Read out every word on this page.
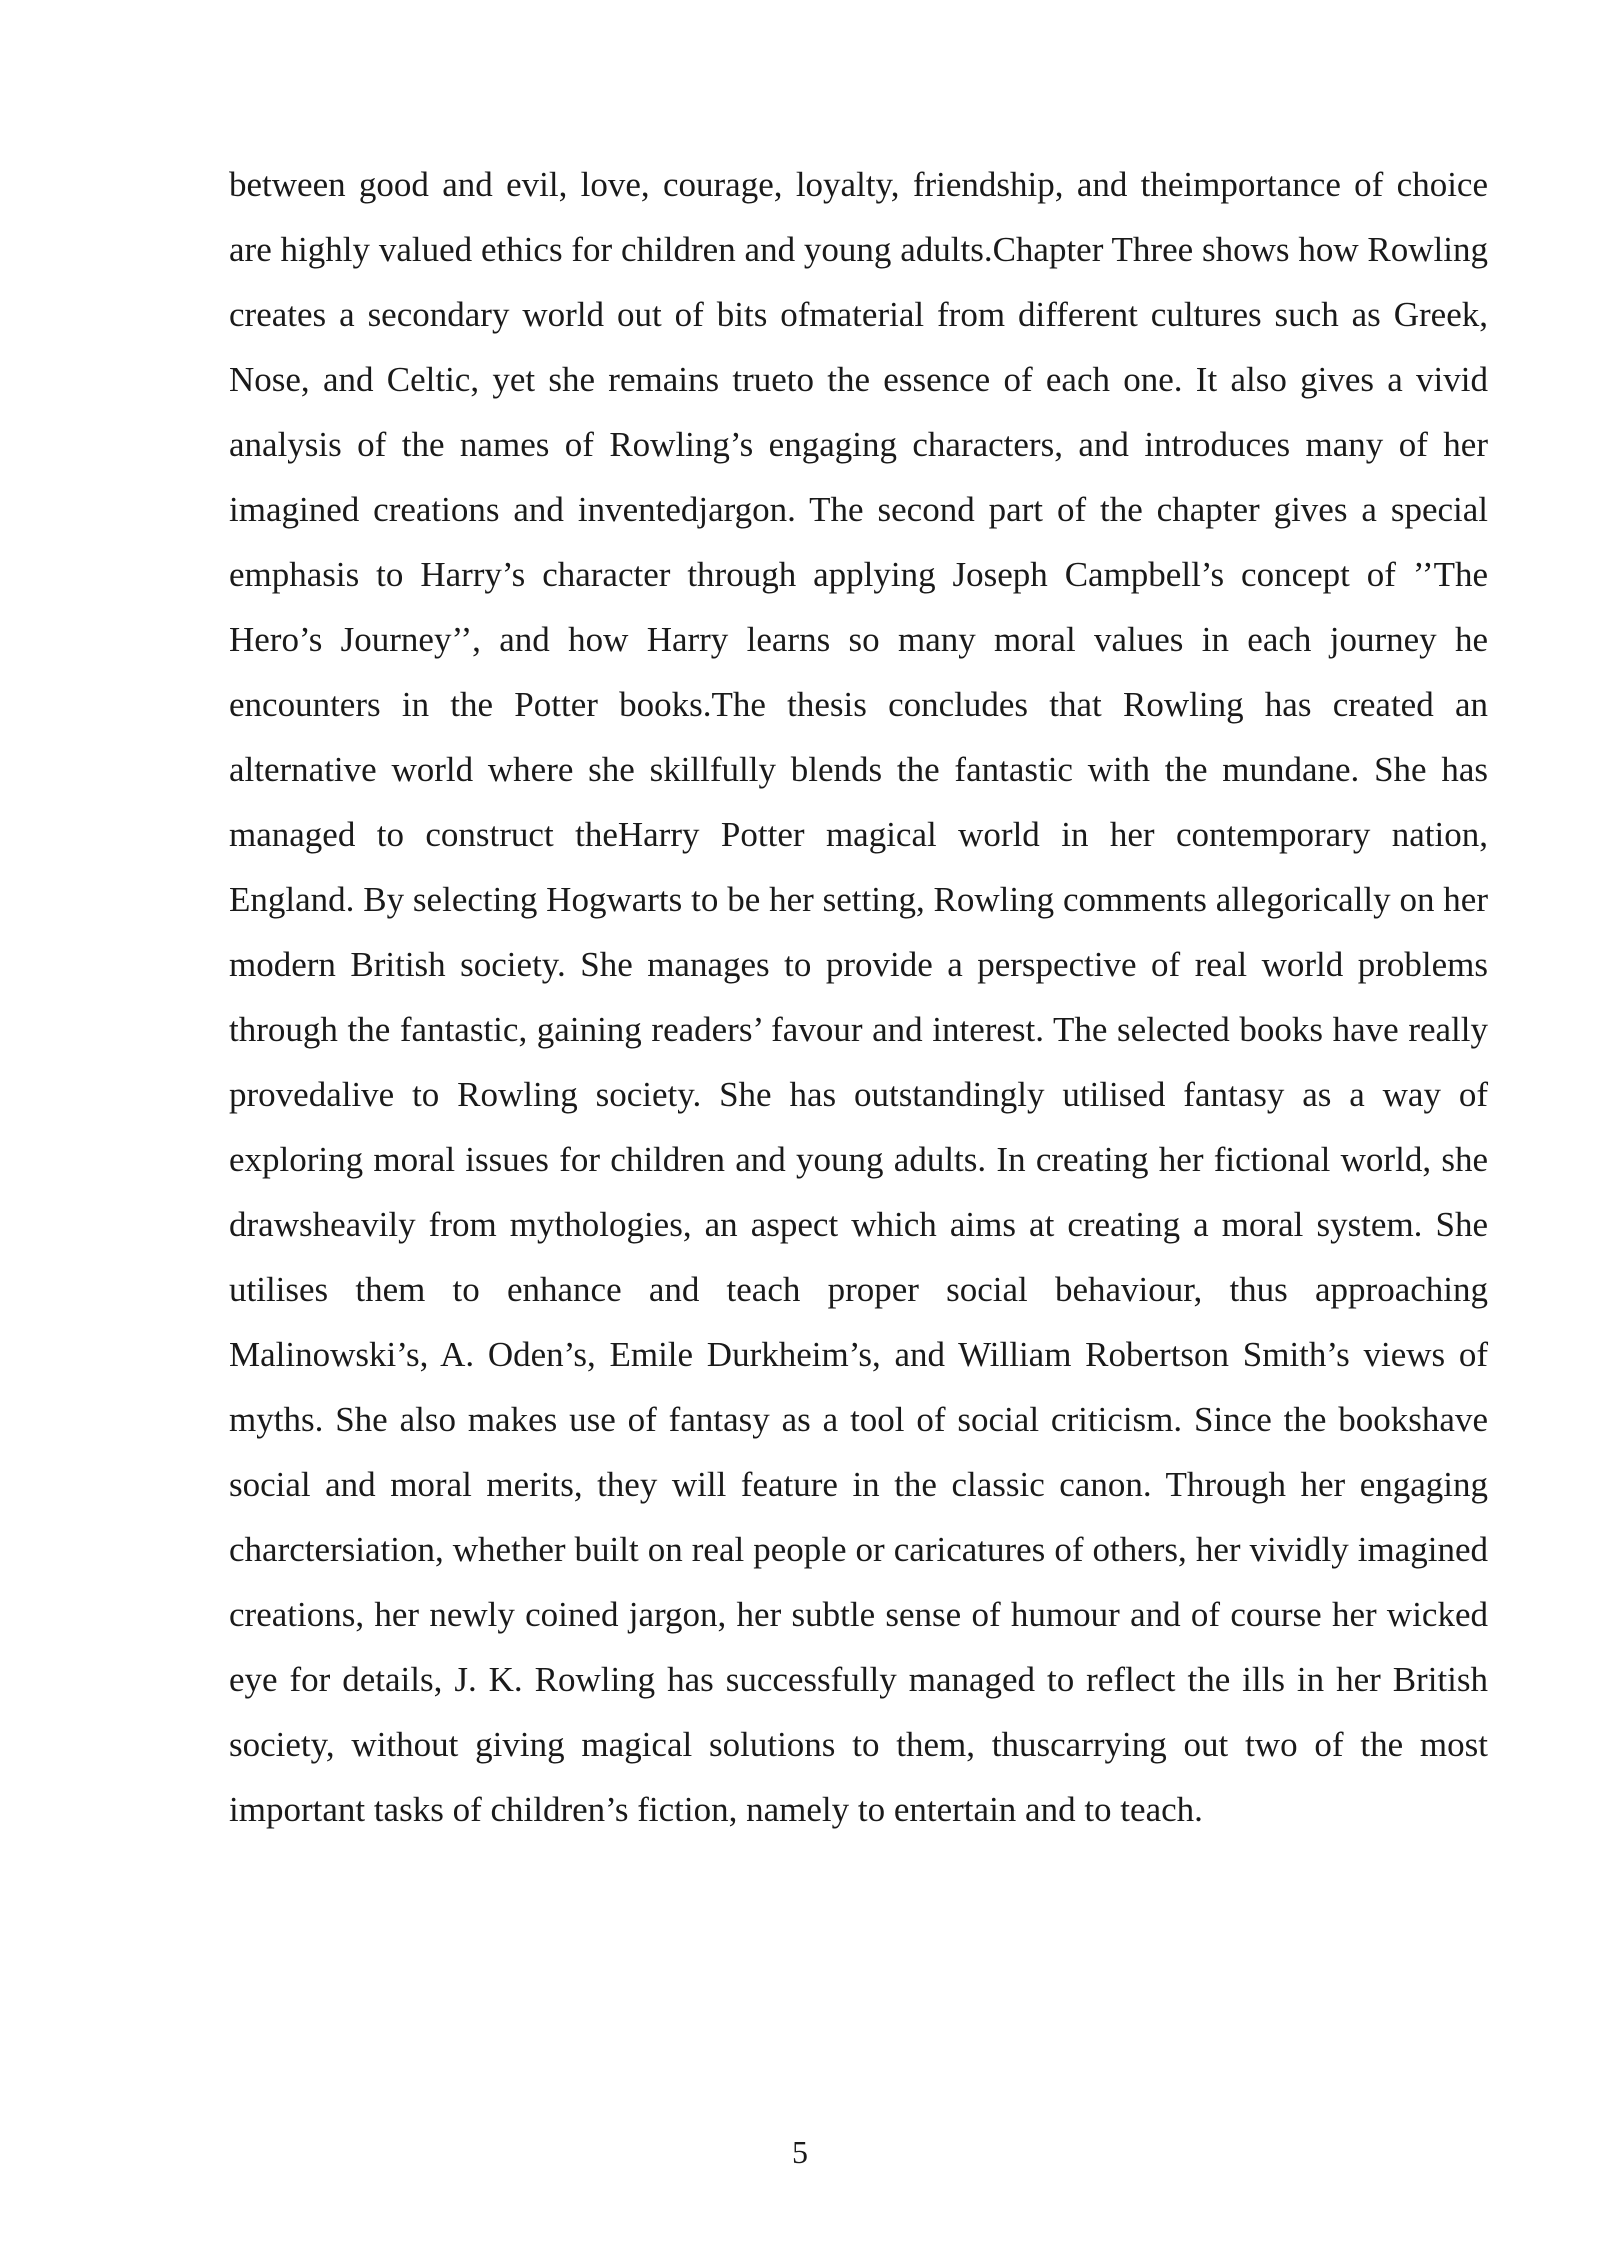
between good and evil, love, courage, loyalty, friendship, and theimportance of choice are highly valued ethics for children and young adults.Chapter Three shows how Rowling creates a secondary world out of bits ofmaterial from different cultures such as Greek, Nose, and Celtic, yet she remains trueto the essence of each one. It also gives a vivid analysis of the names of Rowling’s engaging characters, and introduces many of her imagined creations and inventedjargon. The second part of the chapter gives a special emphasis to Harry’s character through applying Joseph Campbell’s concept of ’’The Hero’s Journey’’, and how Harry learns so many moral values in each journey he encounters in the Potter books.The thesis concludes that Rowling has created an alternative world where she skillfully blends the fantastic with the mundane. She has managed to construct theHarry Potter magical world in her contemporary nation, England. By selecting Hogwarts to be her setting, Rowling comments allegorically on her modern British society. She manages to provide a perspective of real world problems through the fantastic, gaining readers’ favour and interest. The selected books have really provedalive to Rowling society. She has outstandingly utilised fantasy as a way of exploring moral issues for children and young adults. In creating her fictional world, she drawsheavily from mythologies, an aspect which aims at creating a moral system. She utilises them to enhance and teach proper social behaviour, thus approaching Malinowski’s, A. Oden’s, Emile Durkheim’s, and William Robertson Smith’s views of myths. She also makes use of fantasy as a tool of social criticism. Since the bookshave social and moral merits, they will feature in the classic canon. Through her engaging charctersiation, whether built on real people or caricatures of others, her vividly imagined creations, her newly coined jargon, her subtle sense of humour and of course her wicked eye for details, J. K. Rowling has successfully managed to reflect the ills in her British society, without giving magical solutions to them, thuscarrying out two of the most important tasks of children’s fiction, namely to entertain and to teach.

5
